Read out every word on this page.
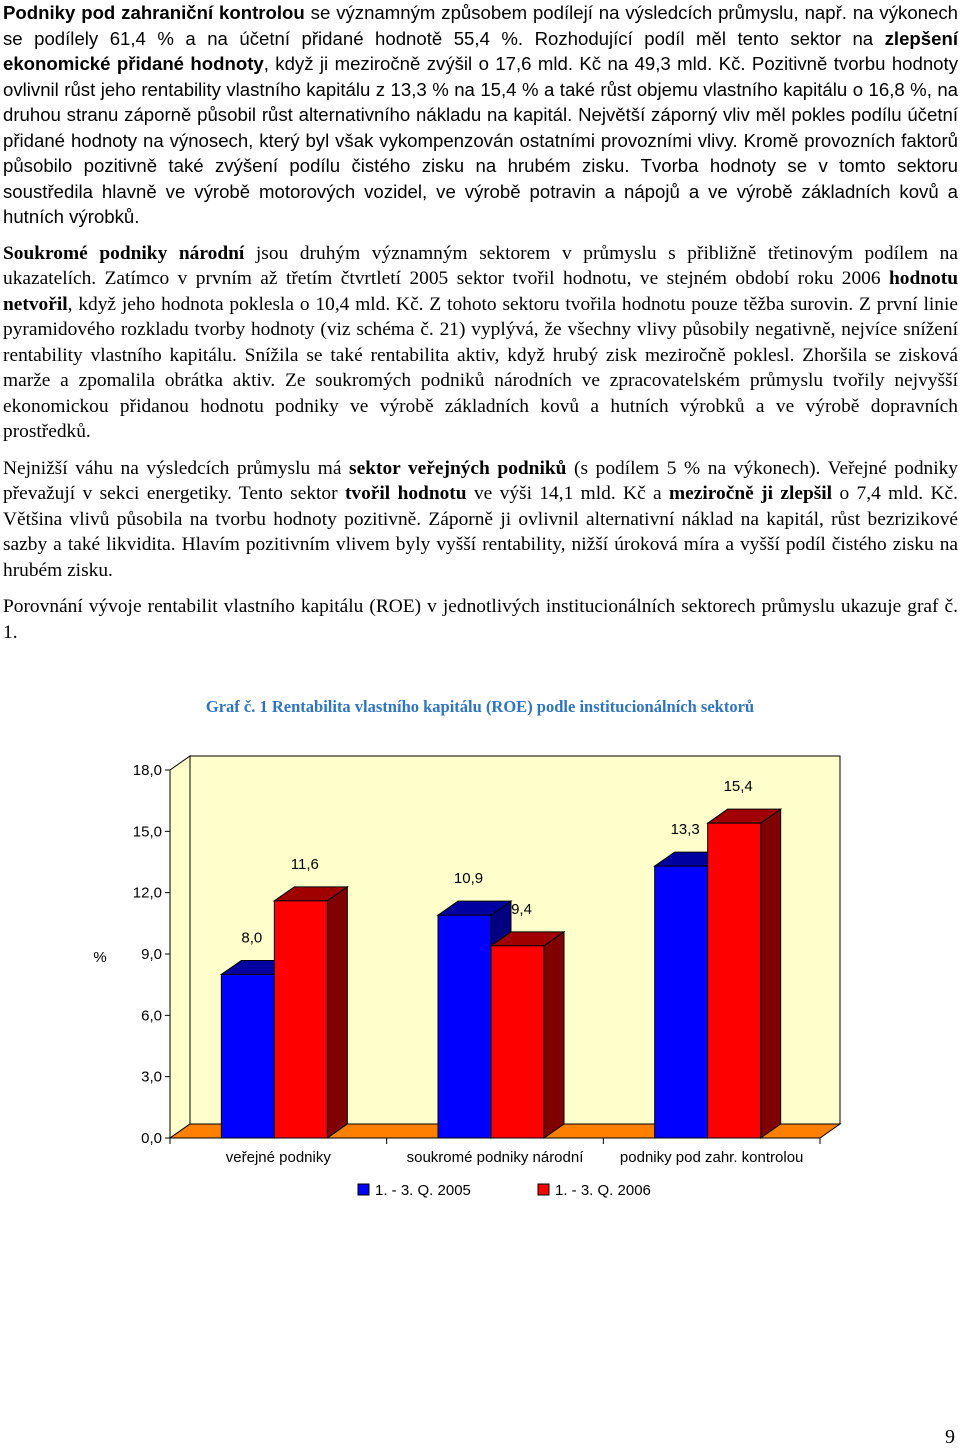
Podniky pod zahraniční kontrolou se významným způsobem podílejí na výsledcích průmyslu, např. na výkonech se podílely 61,4 % a na účetní přidané hodnotě 55,4 %. Rozhodující podíl měl tento sektor na zlepšení ekonomické přidané hodnoty, když ji meziročně zvýšil o 17,6 mld. Kč na 49,3 mld. Kč. Pozitivně tvorbu hodnoty ovlivnil růst jeho rentability vlastního kapitálu z 13,3 % na 15,4 % a také růst objemu vlastního kapitálu o 16,8 %, na druhou stranu záporně působil růst alternativního nákladu na kapitál. Největší záporný vliv měl pokles podílu účetní přidané hodnoty na výnosech, který byl však vykompenzován ostatními provozními vlivy. Kromě provozních faktorů působilo pozitivně také zvýšení podílu čistého zisku na hrubém zisku. Tvorba hodnoty se v tomto sektoru soustředila hlavně ve výrobě motorových vozidel, ve výrobě potravin a nápojů a ve výrobě základních kovů a hutních výrobků.

Soukromé podniky národní jsou druhým významným sektorem v průmyslu s přibližně třetinovým podílem na ukazatelích. Zatímco v prvním až třetím čtvrtletí 2005 sektor tvořil hodnotu, ve stejném období roku 2006 hodnotu netvořil, když jeho hodnota poklesla o 10,4 mld. Kč. Z tohoto sektoru tvořila hodnotu pouze těžba surovin. Z první linie pyramidového rozkladu tvorby hodnoty (viz schéma č. 21) vyplývá, že všechny vlivy působily negativně, nejvíce snížení rentability vlastního kapitálu. Snížila se také rentabilita aktiv, když hrubý zisk meziročně poklesl. Zhoršila se zisková marže a zpomalila obrátka aktiv. Ze soukromých podniků národních ve zpracovatelském průmyslu tvořily nejvyšší ekonomickou přidanou hodnotu podniky ve výrobě základních kovů a hutních výrobků a ve výrobě dopravních prostředků.

Nejnižší váhu na výsledcích průmyslu má sektor veřejných podniků (s podílem 5 % na výkonech). Veřejné podniky převažují v sekci energetiky. Tento sektor tvořil hodnotu ve výši 14,1 mld. Kč a meziročně ji zlepšil o 7,4 mld. Kč. Většina vlivů působila na tvorbu hodnoty pozitivně. Záporně ji ovlivnil alternativní náklad na kapitál, růst bezrizikové sazby a také likvidita. Hlavím pozitivním vlivem byly vyšší rentability, nižší úroková míra a vyšší podíl čistého zisku na hrubém zisku.

Porovnání vývoje rentabilit vlastního kapitálu (ROE) v jednotlivých institucionálních sektorech průmyslu ukazuje graf č. 1.

Graf č. 1 Rentabilita vlastního kapitálu (ROE) podle institucionálních sektorů
0,0
3,0
6,0
9,0
12,0
15,0
18,0
%
8,0
11,6
veřejné podniky
10,9
9,4
soukromé podniky národní
13,3
15,4
podniky pod zahr. kontrolou
1. - 3. Q. 2005	1. - 3. Q. 2006
9
